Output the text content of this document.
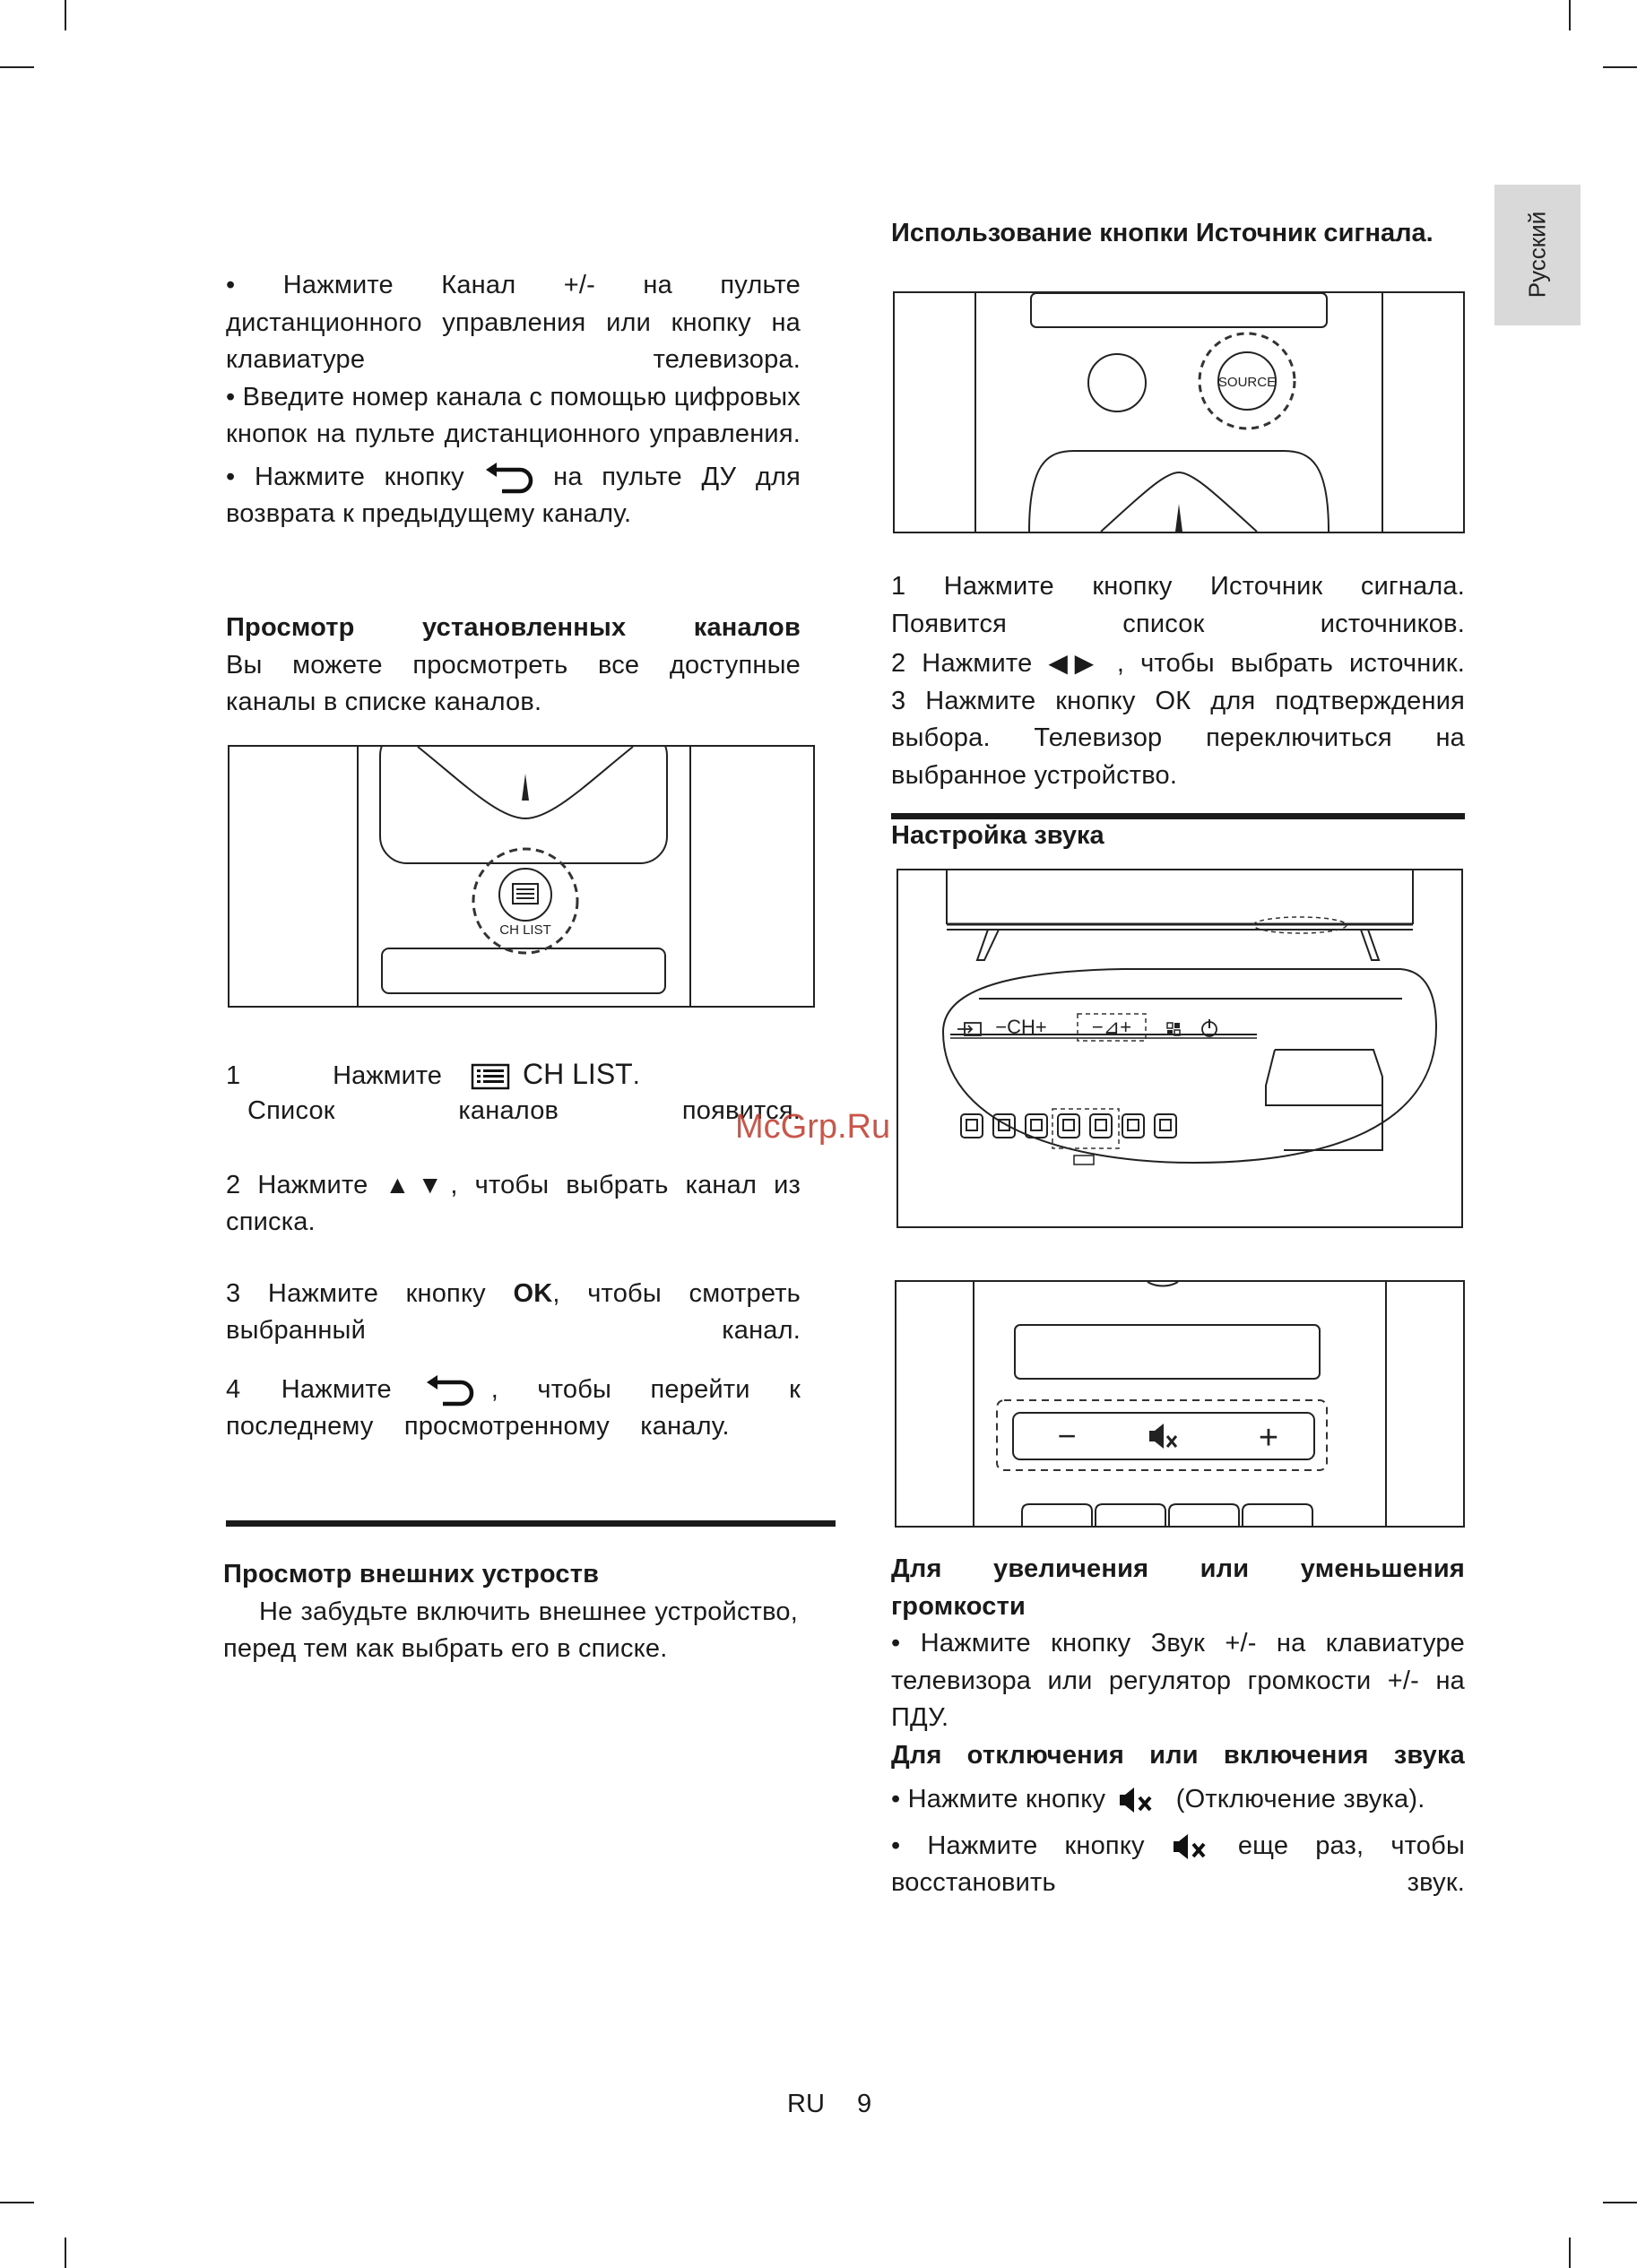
Русский

• Нажмите Канал +/- на пульте дистанционного управления или кнопку на клавиатуре телевизора.

• Введите номер канала с помощью цифровых кнопок на пульте дистанционного управления.

• Нажмите кнопку	на пульте ДУ для возврата к предыдущему каналу.

Просмотр установленных каналов

Вы можете просмотреть все доступные каналы в списке каналов.

CH LIST
1 Нажмите	CH LIST.

Список каналов появится.

2 Нажмите ▲▼, чтобы выбрать канал из списка.

3 Нажмите кнопку OK, чтобы смотреть выбранный канал.

4 Нажмите	, чтобы перейти к последнему просмотренному каналу.

Просмотр внешних устроств

Не забудьте включить внешнее устройство, перед тем как выбрать его в списке.

Использование кнопки Источник сигнала.
SOURCE

1 Нажмите кнопку Источник сигнала. Появится список источников.

2 Нажмите ◀▶ , чтобы выбрать источник.

3 Нажмите кнопку ОК для подтверждения выбора. Телевизор переключиться на выбранное устройство.

Настройка звука
−CH+ −⊿+
−	+

Для увеличения или уменьшения громкости

• Нажмите кнопку Звук +/- на клавиатуре телевизора или регулятор громкости +/- на ПДУ.

Для отключения или включения звука

• Нажмите кнопку	(Отключение звука).

• Нажмите кнопку	еще раз, чтобы восстановить звук.

McGrp.Ru
RU 9
